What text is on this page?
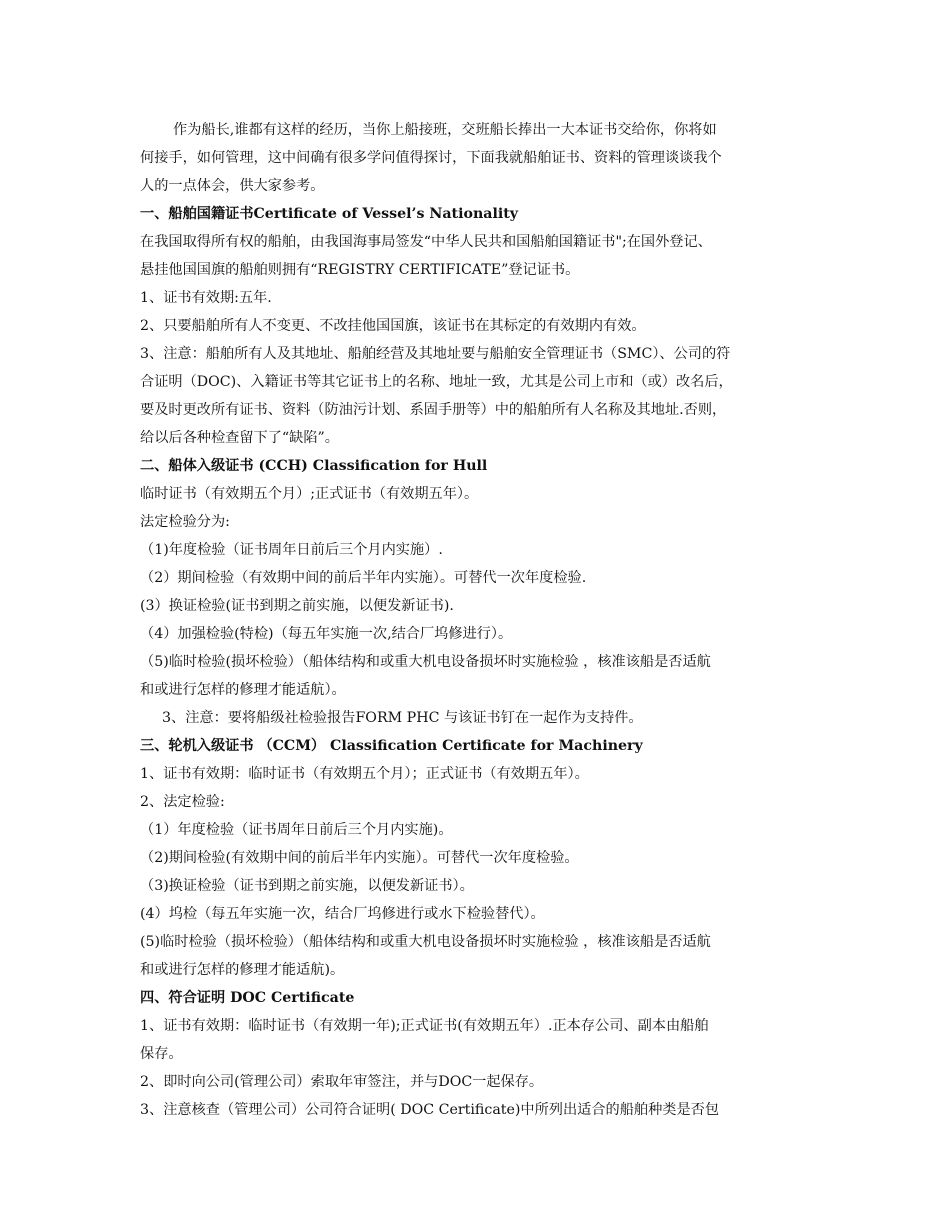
作为船长,谁都有这样的经历，当你上船接班，交班船长捧出一大本证书交给你，你将如
何接手，如何管理，这中间确有很多学问值得探讨，下面我就船舶证书、资料的管理谈谈我个
人的一点体会，供大家参考。
一、船舶国籍证书Certificate of Vessel’s Nationality
在我国取得所有权的船舶，由我国海事局签发“中华人民共和国船舶国籍证书";在国外登记、
悬挂他国国旗的船舶则拥有“REGISTRY CERTIFICATE”登记证书。
1、证书有效期:五年.
2、只要船舶所有人不变更、不改挂他国国旗，该证书在其标定的有效期内有效。
3、注意：船舶所有人及其地址、船舶经营及其地址要与船舶安全管理证书（SMC）、公司的符
合证明（DOC)、入籍证书等其它证书上的名称、地址一致，尤其是公司上市和（或）改名后，
要及时更改所有证书、资料（防油污计划、系固手册等）中的船舶所有人名称及其地址.否则，
给以后各种检查留下了“缺陷”。
二、船体入级证书 (CCH) Classification for Hull
临时证书（有效期五个月）;正式证书（有效期五年）。
法定检验分为:
（1)年度检验（证书周年日前后三个月内实施）.
（2）期间检验（有效期中间的前后半年内实施）。可替代一次年度检验.
(3）换证检验(证书到期之前实施，以便发新证书).
（4）加强检验(特检)（每五年实施一次,结合厂坞修进行）。
（5)临时检验(损坏检验）（船体结构和或重大机电设备损坏时实施检验 ，核准该船是否适航
和或进行怎样的修理才能适航）。
3、注意：要将船级社检验报告FORM PHC 与该证书钉在一起作为支持件。
三、轮机入级证书 （CCM） Classification Certificate for Machinery
1、证书有效期：临时证书（有效期五个月）；正式证书（有效期五年）。
2、法定检验:
（1）年度检验（证书周年日前后三个月内实施)。
（2)期间检验(有效期中间的前后半年内实施）。可替代一次年度检验。
（3)换证检验（证书到期之前实施，以便发新证书）。
(4）坞检（每五年实施一次，结合厂坞修进行或水下检验替代）。
(5)临时检验（损坏检验）（船体结构和或重大机电设备损坏时实施检验 ，核准该船是否适航
和或进行怎样的修理才能适航)。
四、符合证明 DOC Certificate
1、证书有效期：临时证书（有效期一年);正式证书(有效期五年）.正本存公司、副本由船舶
保存。
2、即时向公司(管理公司）索取年审签注，并与DOC一起保存。
3、注意核查（管理公司）公司符合证明( DOC Certificate)中所列出适合的船舶种类是否包
